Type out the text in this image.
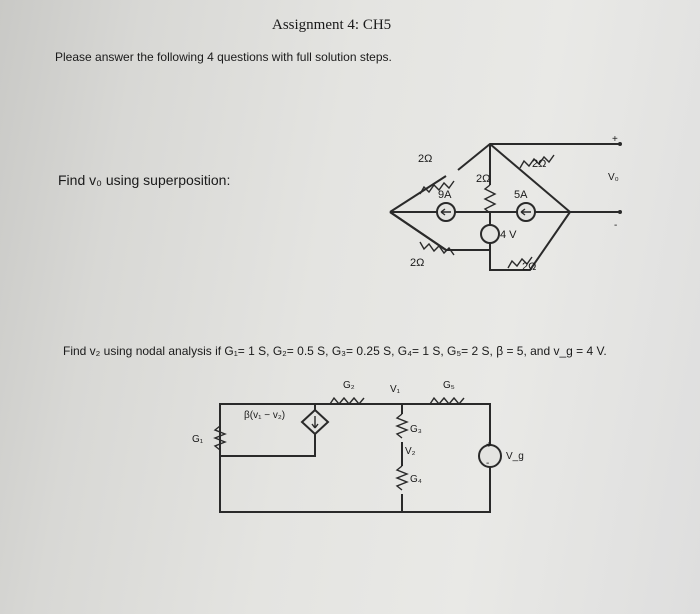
Assignment 4: CH5
Please answer the following 4 questions with full solution steps.
Find v₀ using superposition:
2Ω
2Ω
2Ω
9A	5A
4 V
2Ω	2Ω
+
-
V₀
Find v₂ using nodal analysis if G₁= 1 S, G₂= 0.5 S, G₃= 0.25 S, G₄= 1 S, G₅= 2 S, β = 5, and v_g = 4 V.
G₂	V₁	G₅
β(v₁ − v₂)
G₁
G₃
V₂
G₄
+
-
V_g
